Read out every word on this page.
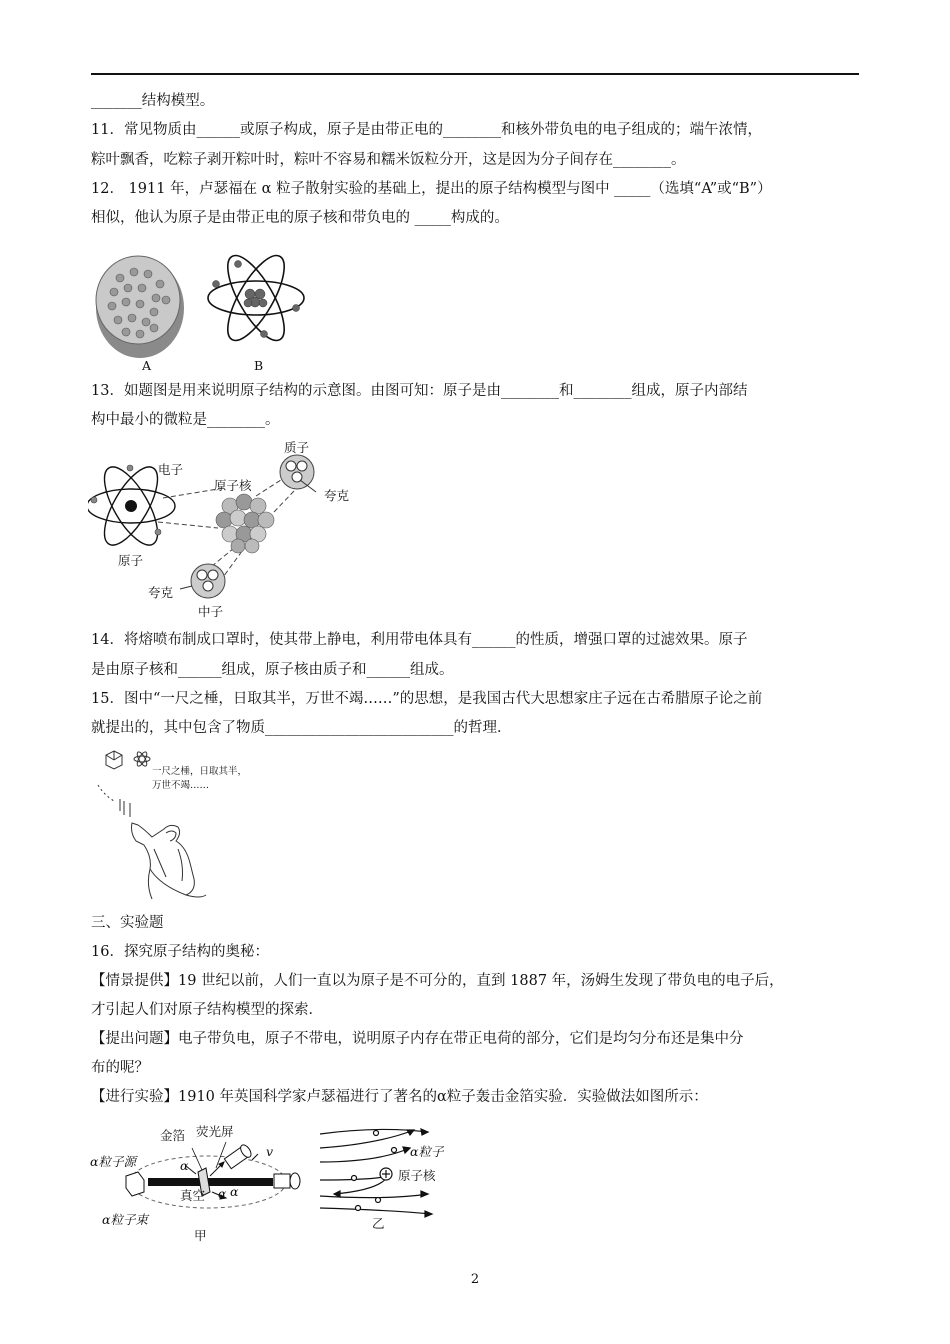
_______结构模型。
11．常见物质由______或原子构成，原子是由带正电的________和核外带负电的电子组成的；端午浓情，
粽叶飘香，吃粽子剥开粽叶时，粽叶不容易和糯米饭粒分开，这是因为分子间存在________。
12． 1911 年，卢瑟福在 α 粒子散射实验的基础上，提出的原子结构模型与图中 _____（选填“A”或“B”）
相似，他认为原子是由带正电的原子核和带负电的 _____构成的。
A	B
13．如题图是用来说明原子结构的示意图。由图可知：原子是由________和________组成，原子内部结
构中最小的微粒是________。
电子
原子核
原子
质子
夸克
夸克
中子
14．将熔喷布制成口罩时，使其带上静电，利用带电体具有______的性质，增强口罩的过滤效果。原子
是由原子核和______组成，原子核由质子和______组成。
15．图中“一尺之棰，日取其半，万世不竭……”的思想，是我国古代大思想家庄子远在古希腊原子论之前
就提出的，其中包含了物质__________________________的哲理．
一尺之棰，日取其半，
万世不竭……
三、实验题
16．探究原子结构的奥秘：
【情景提供】19 世纪以前，人们一直以为原子是不可分的，直到 1887 年，汤姆生发现了带负电的电子后，
才引起人们对原子结构模型的探索．
【提出问题】电子带负电，原子不带电，说明原子内存在带正电荷的部分，它们是均匀分布还是集中分
布的呢？
【进行实验】1910 年英国科学家卢瑟福进行了著名的α粒子轰击金箔实验．实验做法如图所示：
金箔 荧光屏
α粒子源	α
v
真空 α α
α粒子束
甲
α粒子
原子核
乙
2
